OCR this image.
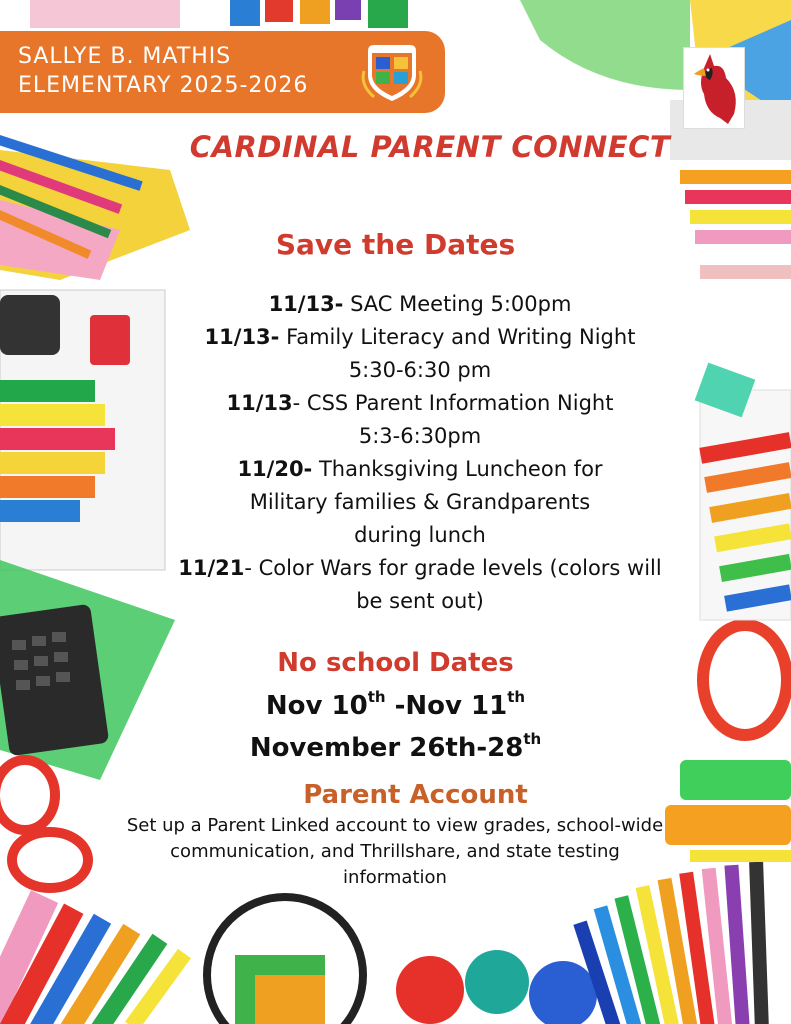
SALLYE B. MATHIS
ELEMENTARY 2025-2026
CARDINAL PARENT CONNECT
Save the Dates
11/13- SAC Meeting 5:00pm
11/13- Family Literacy and Writing Night
5:30-6:30 pm
11/13- CSS Parent Information Night
5:3-6:30pm
11/20- Thanksgiving Luncheon for
Military families & Grandparents
during lunch
11/21- Color Wars for grade levels (colors will
be sent out)
No school Dates
Nov 10th -Nov 11th
November 26th-28th
Parent Account
Set up a Parent Linked account to view grades, school-wide
communication, and Thrillshare, and state testing
information
